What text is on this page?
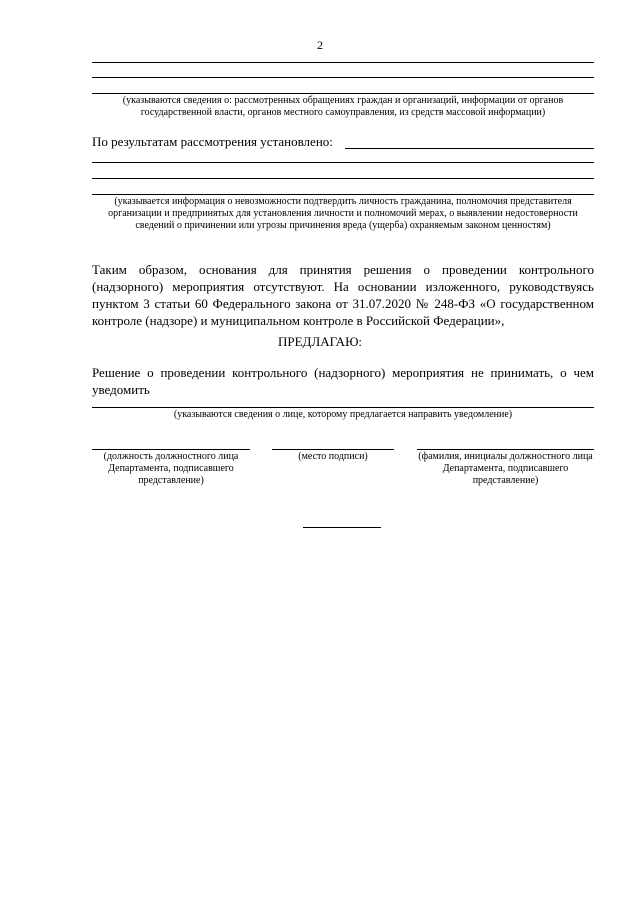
2
(указываются сведения о: рассмотренных обращениях граждан и организаций, информации от органов государственной власти, органов местного самоуправления, из средств массовой информации)
По результатам рассмотрения установлено:
(указывается информация о невозможности подтвердить личность гражданина, полномочия представителя организации и предпринятых для установления личности и полномочий мерах, о выявлении недостоверности сведений о причинении или угрозы причинения вреда (ущерба) охраняемым законом ценностям)
Таким образом, основания для принятия решения о проведении контрольного (надзорного) мероприятия отсутствуют. На основании изложенного, руководствуясь пунктом 3 статьи 60 Федерального закона от 31.07.2020 № 248-ФЗ «О государственном контроле (надзоре) и муниципальном контроле в Российской Федерации»,
ПРЕДЛАГАЮ:
Решение о проведении контрольного (надзорного) мероприятия не принимать, о чем уведомить
(указываются сведения о лице, которому предлагается направить уведомление)
(должность должностного лица Департамента, подписавшего представление)
(место подписи)	(фамилия, инициалы должностного лица Департамента, подписавшего представление)
